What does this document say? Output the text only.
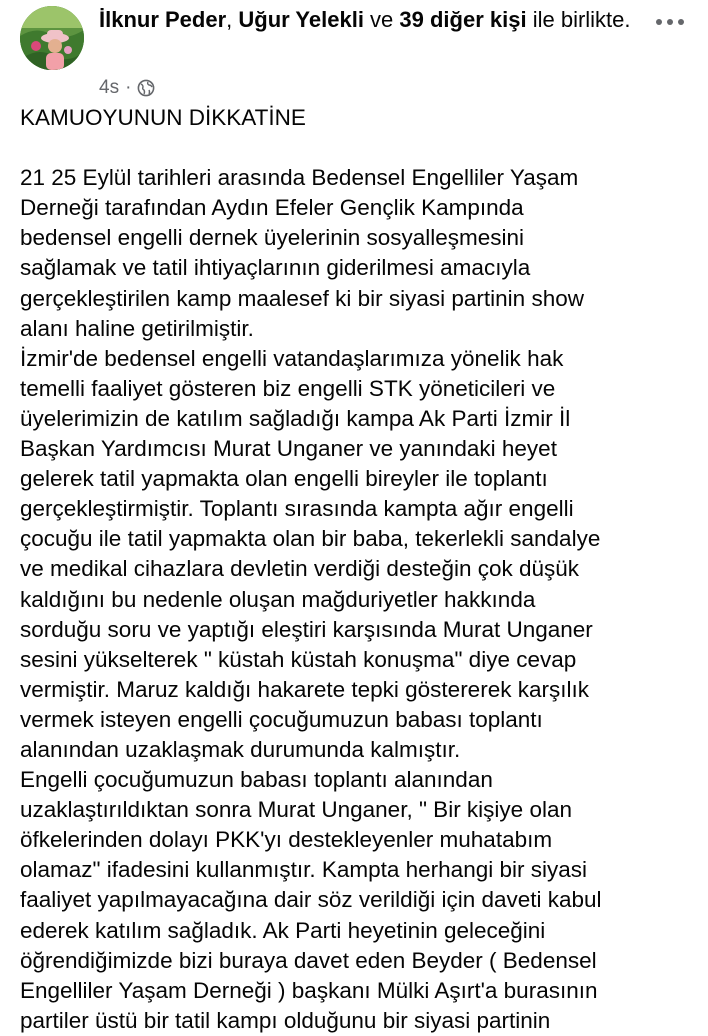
İlknur Peder, Uğur Yelekli ve 39 diğer kişi ile birlikte.
4s ·

KAMUOYUNUN DİKKATİNE

21 25 Eylül tarihleri arasında Bedensel Engelliler Yaşam
Derneği tarafından Aydın Efeler Gençlik Kampında
bedensel engelli dernek üyelerinin sosyalleşmesini
sağlamak ve tatil ihtiyaçlarının giderilmesi amacıyla
gerçekleştirilen kamp maalesef ki bir siyasi partinin show
alanı haline getirilmiştir.

İzmir'de bedensel engelli vatandaşlarımıza yönelik hak
temelli faaliyet gösteren biz engelli STK yöneticileri ve
üyelerimizin de katılım sağladığı kampa Ak Parti İzmir İl
Başkan Yardımcısı Murat Unganer ve yanındaki heyet
gelerek tatil yapmakta olan engelli bireyler ile toplantı
gerçekleştirmiştir. Toplantı sırasında kampta ağır engelli
çocuğu ile tatil yapmakta olan bir baba, tekerlekli sandalye
ve medikal cihazlara devletin verdiği desteğin çok düşük
kaldığını bu nedenle oluşan mağduriyetler hakkında
sorduğu soru ve yaptığı eleştiri karşısında Murat Unganer
sesini yükselterek " küstah küstah konuşma" diye cevap
vermiştir. Maruz kaldığı hakarete tepki göstererek karşılık
vermek isteyen engelli çocuğumuzun babası toplantı
alanından uzaklaşmak durumunda kalmıştır.

Engelli çocuğumuzun babası toplantı alanından
uzaklaştırıldıktan sonra Murat Unganer, " Bir kişiye olan
öfkelerinden dolayı PKK'yı destekleyenler muhatabım
olamaz" ifadesini kullanmıştır. Kampta herhangi bir siyasi
faaliyet yapılmayacağına dair söz verildiği için daveti kabul
ederek katılım sağladık. Ak Parti heyetinin geleceğini
öğrendiğimizde bizi buraya davet eden Beyder ( Bedensel
Engelliler Yaşam Derneği ) başkanı Mülki Aşırt'a burasının
partiler üstü bir tatil kampı olduğunu bir siyasi partinin
